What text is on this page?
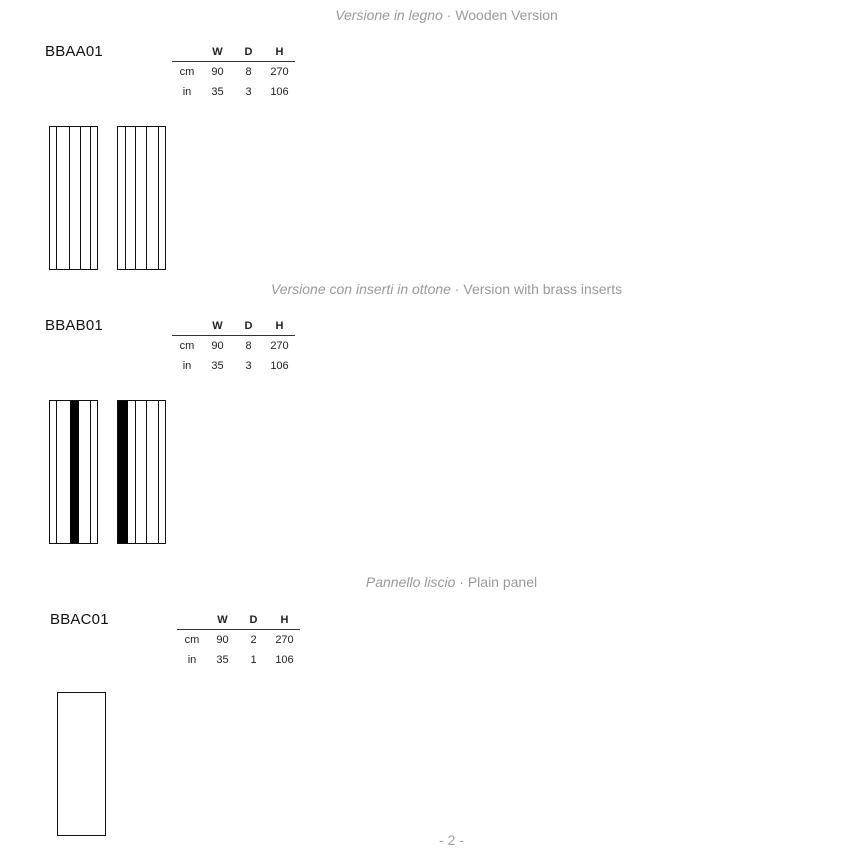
Versione in legno · Wooden Version
BBAA01
		W	D	H
cm	90	8	270
in	35	3	106
Versione con inserti in ottone · Version with brass inserts
BBAB01
		W	D	H
cm	90	8	270
in	35	3	106
Pannello liscio · Plain panel
BBAC01
		W	D	H
cm	90	2	270
in	35	1	106
- 2 -
